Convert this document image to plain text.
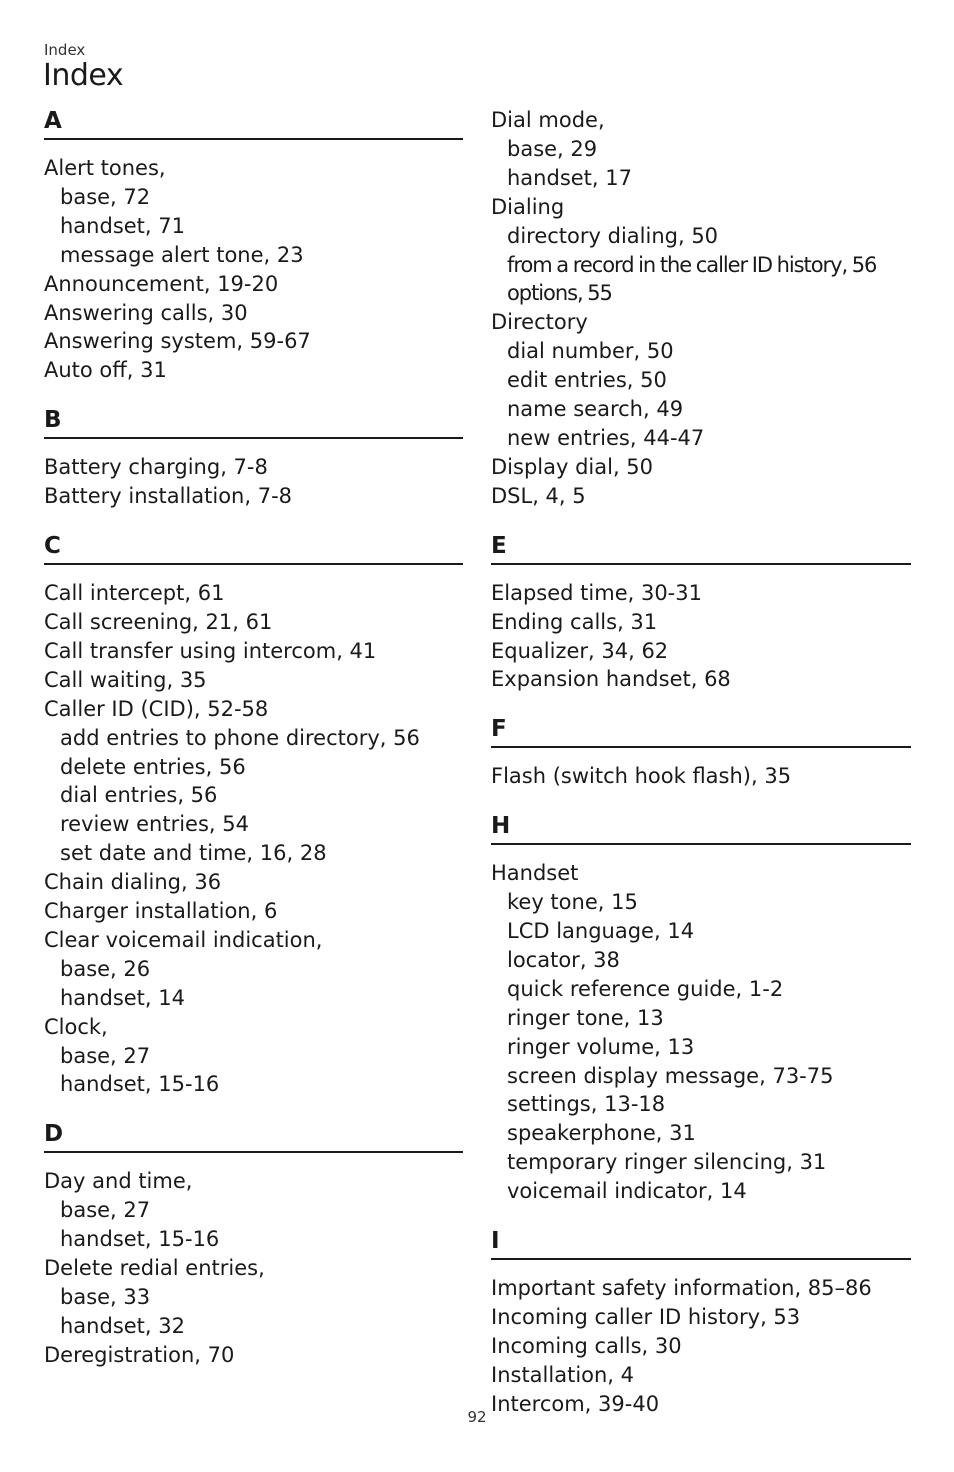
Index
Index
A
Alert tones,
base, 72
handset, 71
message alert tone, 23
Announcement, 19-20
Answering calls, 30
Answering system, 59-67
Auto off, 31
B
Battery charging, 7-8
Battery installation, 7-8
C
Call intercept, 61
Call screening, 21, 61
Call transfer using intercom, 41
Call waiting, 35
Caller ID (CID), 52-58
add entries to phone directory, 56
delete entries, 56
dial entries, 56
review entries, 54
set date and time, 16, 28
Chain dialing, 36
Charger installation, 6
Clear voicemail indication,
base, 26
handset, 14
Clock,
base, 27
handset, 15-16
D
Day and time,
base, 27
handset, 15-16
Delete redial entries,
base, 33
handset, 32
Deregistration, 70
Dial mode,
base, 29
handset, 17
Dialing
directory dialing, 50
from a record in the caller ID history, 56
options, 55
Directory
dial number, 50
edit entries, 50
name search, 49
new entries, 44-47
Display dial, 50
DSL, 4, 5
E
Elapsed time, 30-31
Ending calls, 31
Equalizer, 34, 62
Expansion handset, 68
F
Flash (switch hook flash), 35
H
Handset
key tone, 15
LCD language, 14
locator, 38
quick reference guide, 1-2
ringer tone, 13
ringer volume, 13
screen display message, 73-75
settings, 13-18
speakerphone, 31
temporary ringer silencing, 31
voicemail indicator, 14
I
Important safety information, 85–86
Incoming caller ID history, 53
Incoming calls, 30
Installation, 4
Intercom, 39-40
92
